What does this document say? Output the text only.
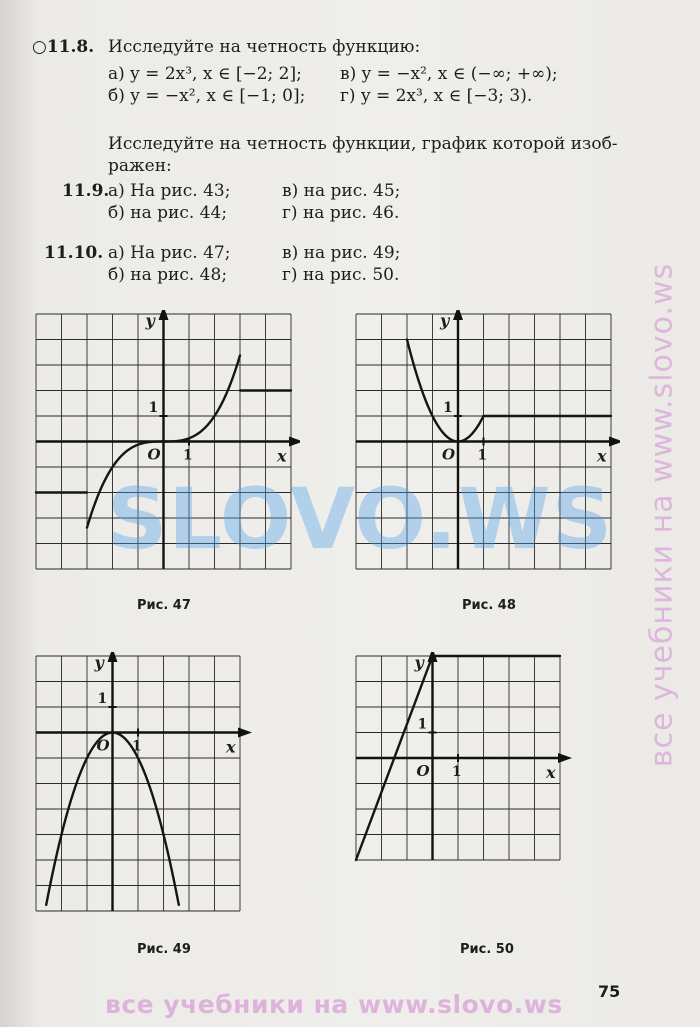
○11.8. Исследуйте на четность функцию:
а) y = 2x³, x ∈ [−2; 2]; в) y = −x², x ∈ (−∞; +∞);
б) y = −x², x ∈ [−1; 0]; г) y = 2x³, x ∈ [−3; 3).
Исследуйте на четность функции, график которой изоб-
ражен:
11.9.
а) На рис. 43;	в) на рис. 45;
б) на рис. 44;	г) на рис. 46.
11.10. а) На рис. 47;	в) на рис. 49;
б) на рис. 48;	г) на рис. 50.
x
y
O 1
1
x
y
O 1
1
x
y
O 1
1
x
y
O 1
1
Рис. 47	Рис. 48
Рис. 49	Рис. 50
SLOVO.WS все учебники на www.slovo.ws
все учебники на www.slovo.ws 75
